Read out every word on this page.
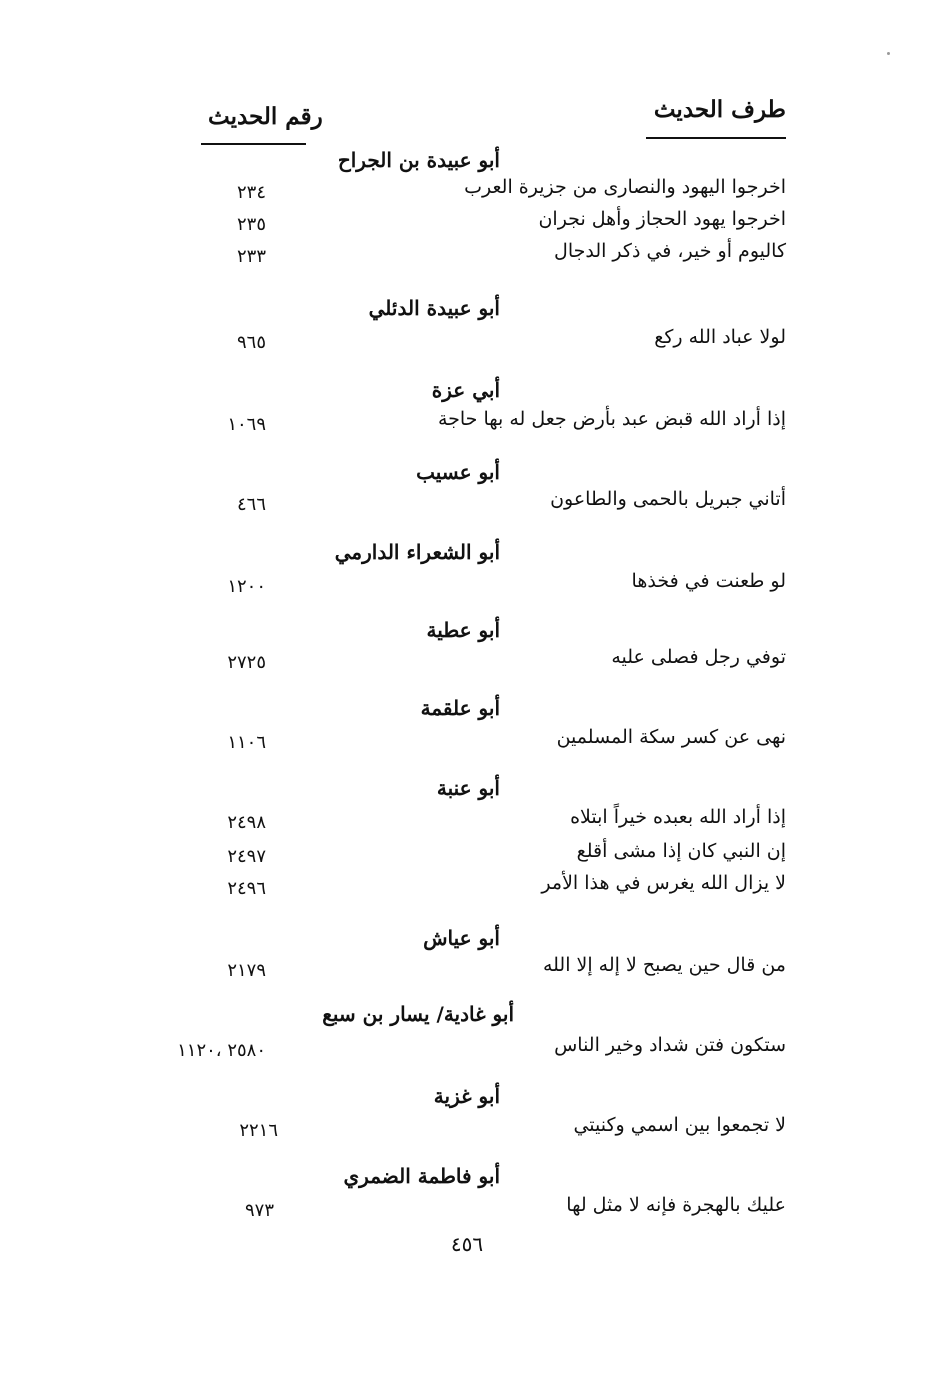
طرف الحديث
رقم الحديث
أبو عبيدة بن الجراح
اخرجوا اليهود والنصارى من جزيرة العرب
٢٣٤
اخرجوا يهود الحجاز وأهل نجران
٢٣٥
كاليوم أو خير، في ذكر الدجال
٢٣٣
أبو عبيدة الدئلي
لولا عباد الله ركع
٩٦٥
أبي عزة
إذا أراد الله قبض عبد بأرض جعل له بها حاجة
١٠٦٩
أبو عسيب
أتاني جبريل بالحمى والطاعون
٤٦٦
أبو الشعراء الدارمي
لو طعنت في فخذها
١٢٠٠
أبو عطية
توفي رجل فصلى عليه
٢٧٢٥
أبو علقمة
نهى عن كسر سكة المسلمين
١١٠٦
أبو عنبة
إذا أراد الله بعبده خيراً ابتلاه
٢٤٩٨
إن النبي كان إذا مشى أقلع
٢٤٩٧
لا يزال الله يغرس في هذا الأمر
٢٤٩٦
أبو عياش
من قال حين يصبح لا إله إلا الله
٢١٧٩
أبو غادية/ يسار بن سبع
ستكون فتن شداد وخير الناس
٢٥٨٠ ،١١٢٠
أبو غزية
لا تجمعوا بين اسمي وكنيتي
٢٢١٦
أبو فاطمة الضمري
عليك بالهجرة فإنه لا مثل لها
٩٧٣
٤٥٦
